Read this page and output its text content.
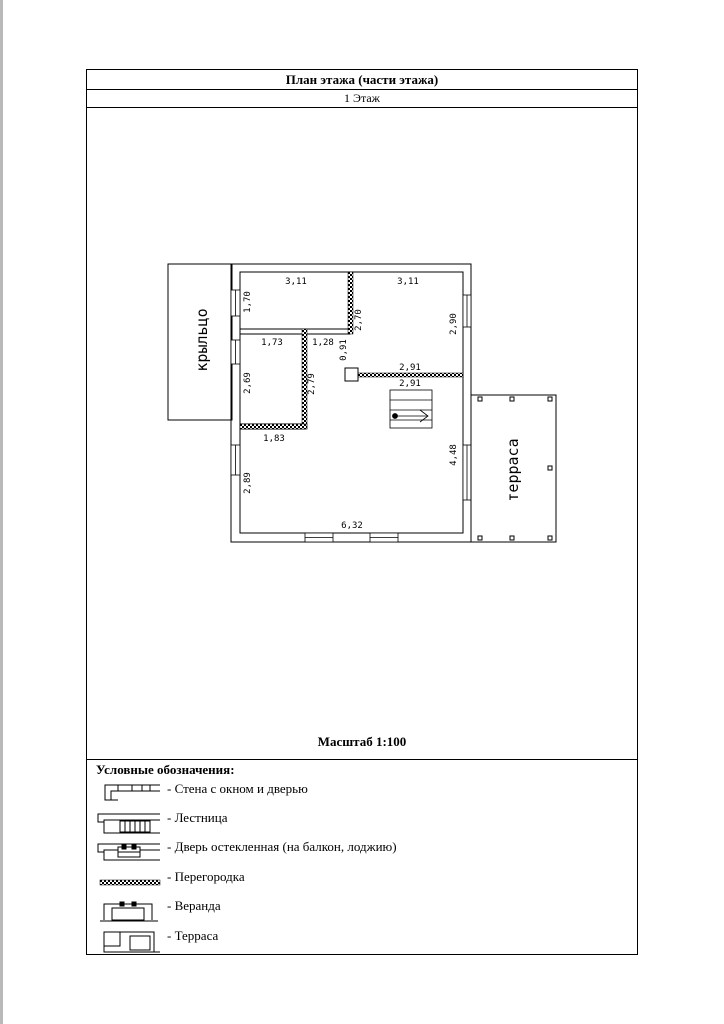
План этажа (части этажа)
1 Этаж
Масштаб 1:100
Условные обозначения:
- Стена с окном и дверью
- Лестница
- Дверь остекленная (на балкон, лоджию)
- Перегородка
- Веранда
- Терраса
крыльцо
терраса
3,11	3,11
1,70
2,70	2,90
1,73	1,28 0,91
2,91
2,91
2,69	2,79
1,83
4,48
2,89
6,32
